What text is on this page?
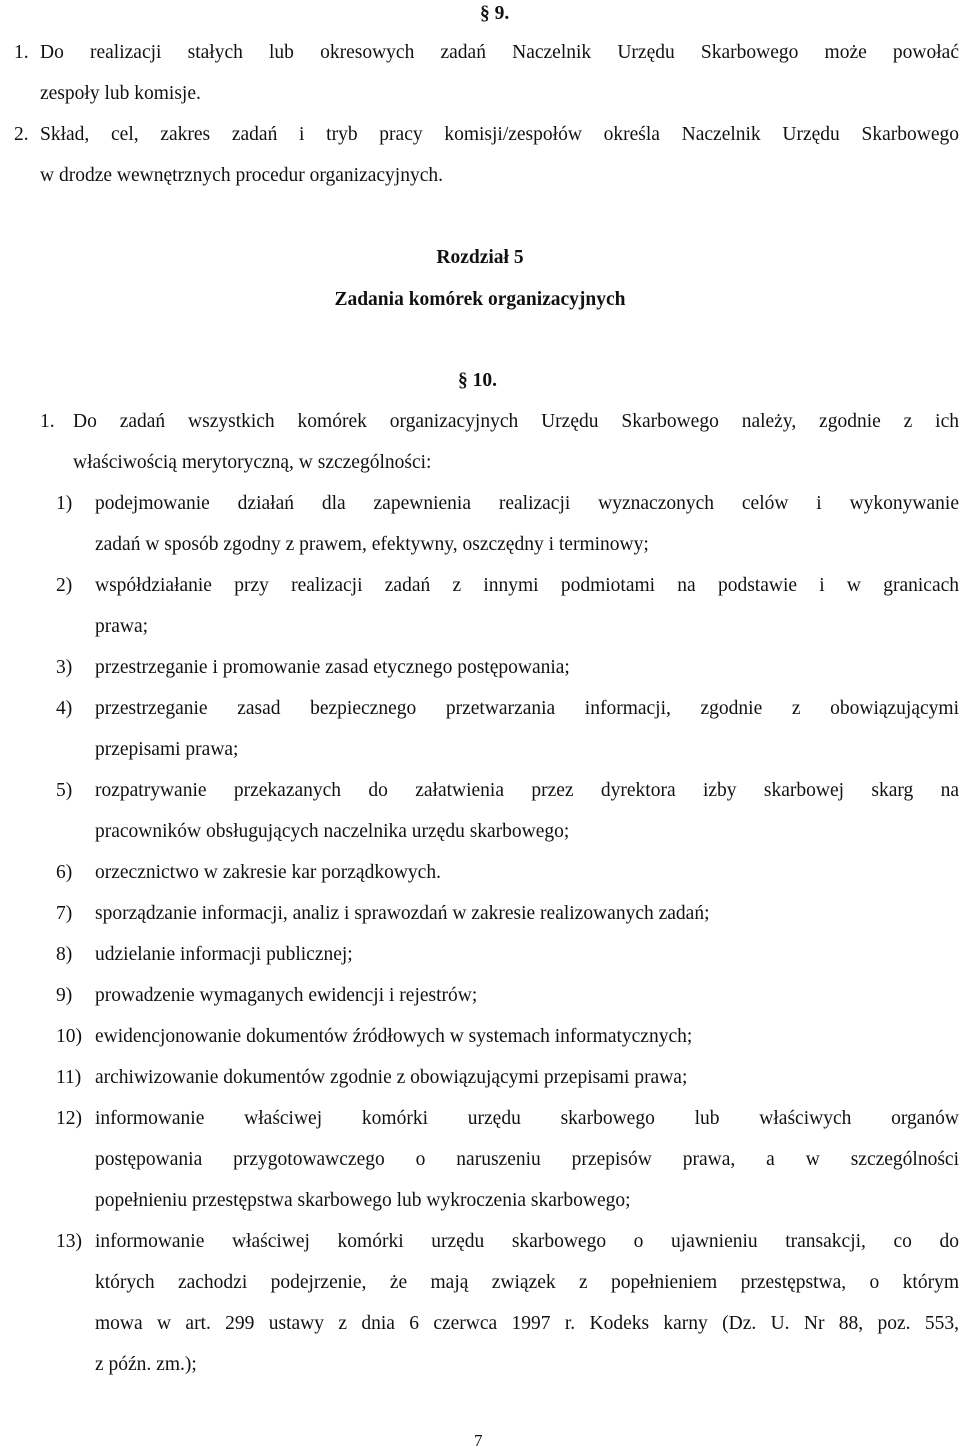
§ 9.
1. Do realizacji stałych lub okresowych zadań Naczelnik Urzędu Skarbowego może powołać
zespoły lub komisje.
2. Skład, cel, zakres zadań i tryb pracy komisji/zespołów określa Naczelnik Urzędu Skarbowego
w drodze wewnętrznych procedur organizacyjnych.
Rozdział 5
Zadania komórek organizacyjnych
§ 10.
1. Do zadań wszystkich komórek organizacyjnych Urzędu Skarbowego należy, zgodnie z ich
właściwością merytoryczną, w szczególności:
1) podejmowanie działań dla zapewnienia realizacji wyznaczonych celów i wykonywanie
zadań w sposób zgodny z prawem, efektywny, oszczędny i terminowy;
2) współdziałanie przy realizacji zadań z innymi podmiotami na podstawie i w granicach
prawa;
3) przestrzeganie i promowanie zasad etycznego postępowania;
4) przestrzeganie zasad bezpiecznego przetwarzania informacji, zgodnie z obowiązującymi
przepisami prawa;
5) rozpatrywanie przekazanych do załatwienia przez dyrektora izby skarbowej skarg na
pracowników obsługujących naczelnika urzędu skarbowego;
6) orzecznictwo w zakresie kar porządkowych.
7) sporządzanie informacji, analiz i sprawozdań w zakresie realizowanych zadań;
8) udzielanie informacji publicznej;
9) prowadzenie wymaganych ewidencji i rejestrów;
10) ewidencjonowanie dokumentów źródłowych w systemach informatycznych;
11) archiwizowanie dokumentów zgodnie z obowiązującymi przepisami prawa;
12) informowanie właściwej komórki urzędu skarbowego lub właściwych organów
postępowania przygotowawczego o naruszeniu przepisów prawa, a w szczególności
popełnieniu przestępstwa skarbowego lub wykroczenia skarbowego;
13) informowanie właściwej komórki urzędu skarbowego o ujawnieniu transakcji, co do
których zachodzi podejrzenie, że mają związek z popełnieniem przestępstwa, o którym
mowa w art. 299 ustawy z dnia 6 czerwca 1997 r. Kodeks karny (Dz. U. Nr 88, poz. 553,
z późn. zm.);
7
